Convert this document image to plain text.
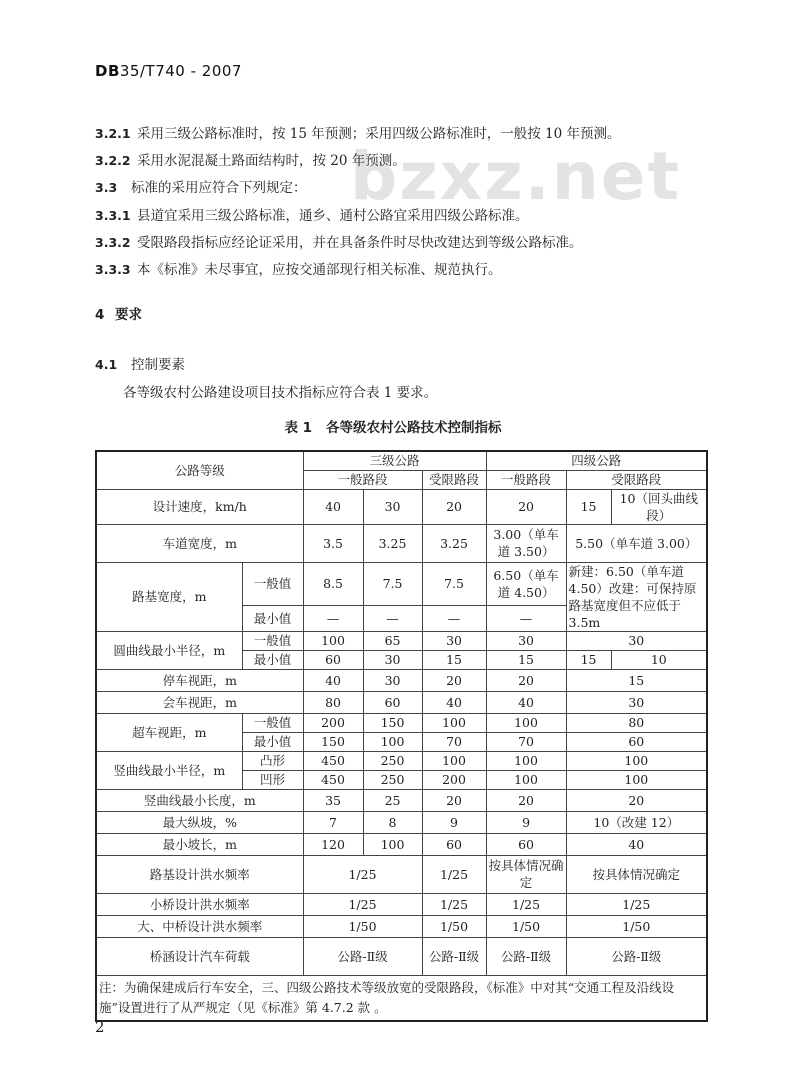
DB35/T740 - 2007
bzxz.net
3.2.1 采用三级公路标准时，按 15 年预测；采用四级公路标准时，一般按 10 年预测。
3.2.2 采用水泥混凝土路面结构时，按 20 年预测。
3.3 标准的采用应符合下列规定：
3.3.1 县道宜采用三级公路标准，通乡、通村公路宜采用四级公路标准。
3.3.2 受限路段指标应经论证采用，并在具备条件时尽快改建达到等级公路标准。
3.3.3 本《标准》未尽事宜，应按交通部现行相关标准、规范执行。
4 要求
4.1 控制要素
各等级农村公路建设项目技术指标应符合表 1 要求。
表 1 各等级农村公路技术控制指标
公路等级		三级公路			四级公路		
		一般路段		受限路段	一般路段	受限路段	
设计速度，km/h		40	30	20	20	15	10（回头曲线段）
车道宽度，m		3.5	3.25	3.25	3.00（单车道 3.50）	5.50（单车道 3.00）	
路基宽度，m	一般值	8.5	7.5	7.5	6.50（单车道 4.50）	新建：6.50（单车道 4.50）改建：可保持原路基宽度但不应低于 3.5m	
	最小值	—	—	—	—		
圆曲线最小半径，m	一般值	100	65	30	30	30	
	最小值	60	30	15	15	15	10
停车视距，m		40	30	20	20	15	
会车视距，m		80	60	40	40	30	
超车视距，m	一般值	200	150	100	100	80	
	最小值	150	100	70	70	60	
竖曲线最小半径，m	凸形	450	250	100	100	100	
	凹形	450	250	200	100	100	
竖曲线最小长度，m		35	25	20	20	20	
最大纵坡，%		7	8	9	9	10（改建 12）	
最小坡长，m		120	100	60	60	40	
路基设计洪水频率		1/25		1/25	按具体情况确定	按具体情况确定	
小桥设计洪水频率		1/25		1/25	1/25	1/25	
大、中桥设计洪水频率		1/50		1/50	1/50	1/50	
桥涵设计汽车荷载		公路-Ⅱ级		公路-Ⅱ级	公路-Ⅱ级	公路-Ⅱ级	
注：为确保建成后行车安全，三、四级公路技术等级放宽的受限路段，《标准》中对其“交通工程及沿线设施”设置进行了从严规定（见《标准》第 4.7.2 款 。							
2
